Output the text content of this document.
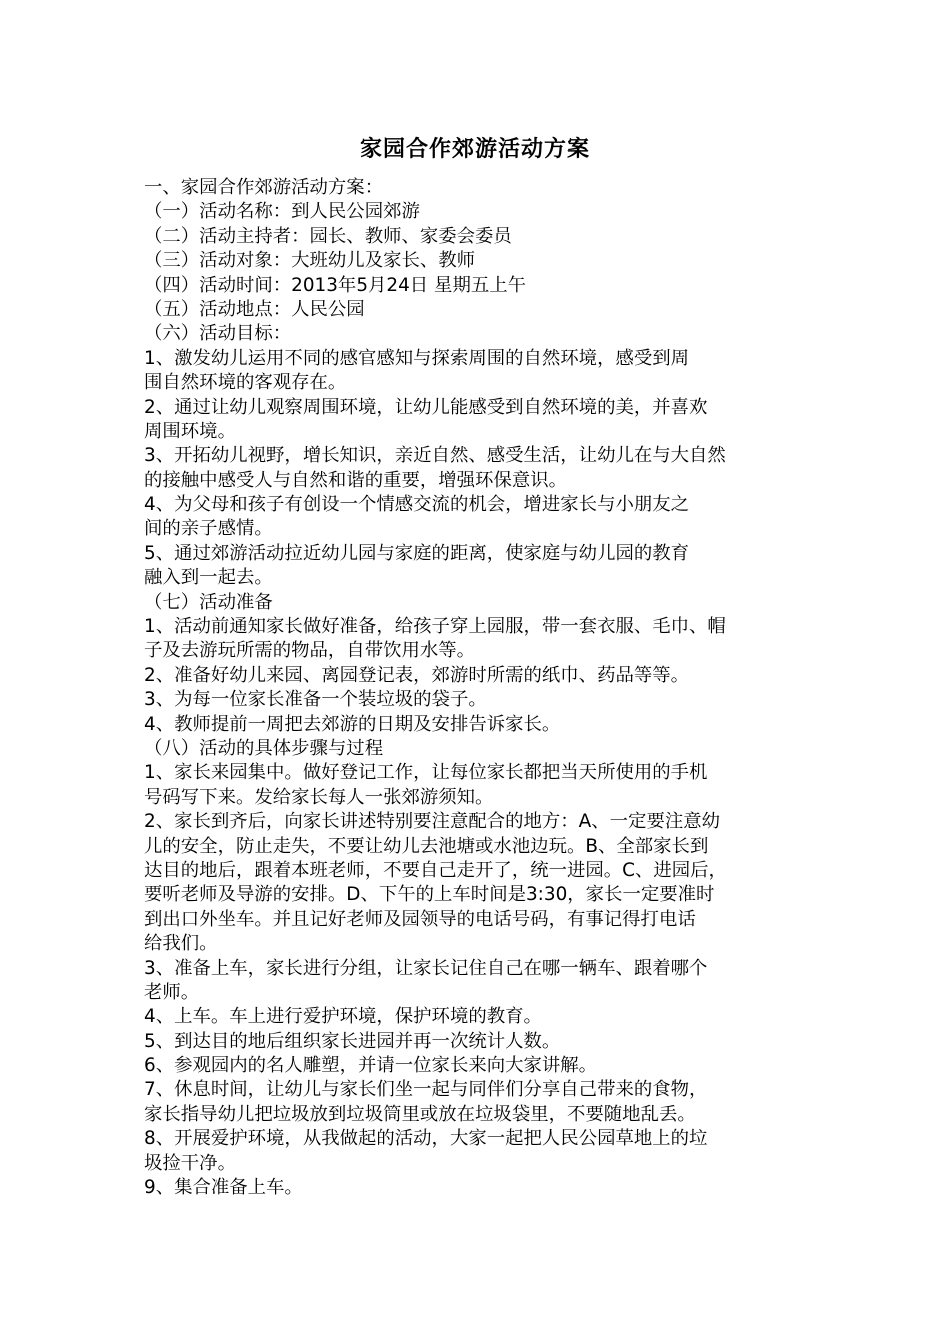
家园合作郊游活动方案
一、家园合作郊游活动方案：
（一）活动名称：到人民公园郊游
（二）活动主持者：园长、教师、家委会委员
（三）活动对象：大班幼儿及家长、教师
（四）活动时间：2013年5月24日 星期五上午
（五）活动地点：人民公园
（六）活动目标：
1、激发幼儿运用不同的感官感知与探索周围的自然环境，感受到周
围自然环境的客观存在。
2、通过让幼儿观察周围环境，让幼儿能感受到自然环境的美，并喜欢
周围环境。
3、开拓幼儿视野，增长知识，亲近自然、感受生活，让幼儿在与大自然
的接触中感受人与自然和谐的重要，增强环保意识。
4、为父母和孩子有创设一个情感交流的机会，增进家长与小朋友之
间的亲子感情。
5、通过郊游活动拉近幼儿园与家庭的距离，使家庭与幼儿园的教育
融入到一起去。
（七）活动准备
1、活动前通知家长做好准备，给孩子穿上园服，带一套衣服、毛巾、帽
子及去游玩所需的物品，自带饮用水等。
2、准备好幼儿来园、离园登记表，郊游时所需的纸巾、药品等等。
3、为每一位家长准备一个装垃圾的袋子。
4、教师提前一周把去郊游的日期及安排告诉家长。
（八）活动的具体步骤与过程
1、家长来园集中。做好登记工作，让每位家长都把当天所使用的手机
号码写下来。发给家长每人一张郊游须知。
2、家长到齐后，向家长讲述特别要注意配合的地方：A、一定要注意幼
儿的安全，防止走失，不要让幼儿去池塘或水池边玩。B、全部家长到
达目的地后，跟着本班老师，不要自己走开了，统一进园。C、进园后，
要听老师及导游的安排。D、下午的上车时间是3:30，家长一定要准时
到出口外坐车。并且记好老师及园领导的电话号码，有事记得打电话
给我们。
3、准备上车，家长进行分组，让家长记住自己在哪一辆车、跟着哪个
老师。
4、上车。车上进行爱护环境，保护环境的教育。
5、到达目的地后组织家长进园并再一次统计人数。
6、参观园内的名人雕塑，并请一位家长来向大家讲解。
7、休息时间，让幼儿与家长们坐一起与同伴们分享自己带来的食物，
家长指导幼儿把垃圾放到垃圾筒里或放在垃圾袋里，不要随地乱丢。
8、开展爱护环境，从我做起的活动，大家一起把人民公园草地上的垃
圾捡干净。
9、集合准备上车。
